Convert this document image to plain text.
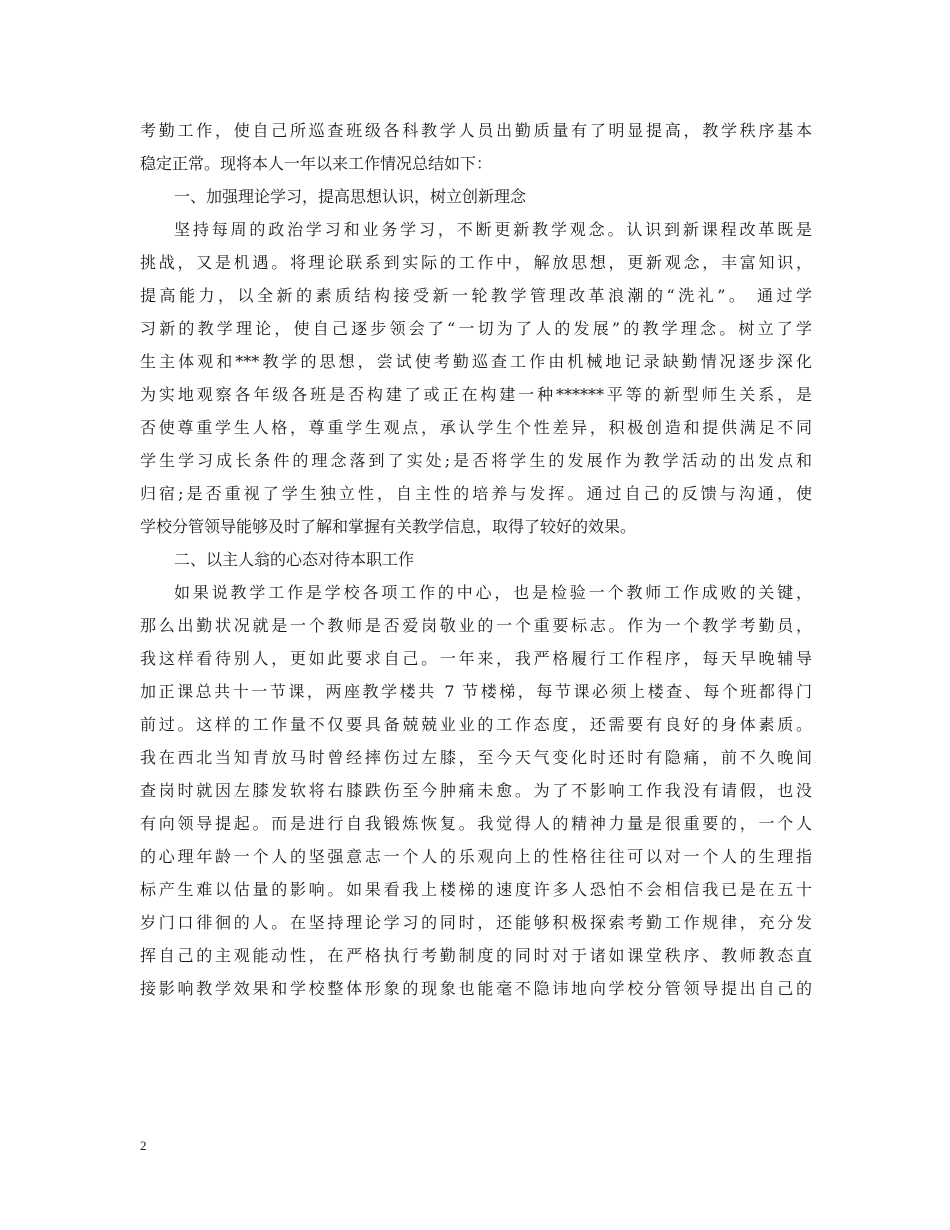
考勤工作，使自己所巡查班级各科教学人员出勤质量有了明显提高，教学秩序基本
稳定正常。现将本人一年以来工作情况总结如下：
一、加强理论学习，提高思想认识，树立创新理念
坚持每周的政治学习和业务学习，不断更新教学观念。认识到新课程改革既是
挑战，又是机遇。将理论联系到实际的工作中，解放思想，更新观念，丰富知识，
提高能力，以全新的素质结构接受新一轮教学管理改革浪潮的“洗礼”。 通过学
习新的教学理论，使自己逐步领会了“一切为了人的发展”的教学理念。树立了学
生主体观和***教学的思想，尝试使考勤巡查工作由机械地记录缺勤情况逐步深化
为实地观察各年级各班是否构建了或正在构建一种******平等的新型师生关系，是
否使尊重学生人格，尊重学生观点，承认学生个性差异，积极创造和提供满足不同
学生学习成长条件的理念落到了实处;是否将学生的发展作为教学活动的出发点和
归宿;是否重视了学生独立性，自主性的培养与发挥。通过自己的反馈与沟通，使
学校分管领导能够及时了解和掌握有关教学信息，取得了较好的效果。
二、以主人翁的心态对待本职工作
如果说教学工作是学校各项工作的中心，也是检验一个教师工作成败的关键，
那么出勤状况就是一个教师是否爱岗敬业的一个重要标志。作为一个教学考勤员，
我这样看待别人，更如此要求自己。一年来，我严格履行工作程序，每天早晚辅导
加正课总共十一节课，两座教学楼共 7 节楼梯，每节课必须上楼查、每个班都得门
前过。这样的工作量不仅要具备兢兢业业的工作态度，还需要有良好的身体素质。
我在西北当知青放马时曾经摔伤过左膝，至今天气变化时还时有隐痛，前不久晚间
查岗时就因左膝发软将右膝跌伤至今肿痛未愈。为了不影响工作我没有请假，也没
有向领导提起。而是进行自我锻炼恢复。我觉得人的精神力量是很重要的，一个人
的心理年龄一个人的坚强意志一个人的乐观向上的性格往往可以对一个人的生理指
标产生难以估量的影响。如果看我上楼梯的速度许多人恐怕不会相信我已是在五十
岁门口徘徊的人。在坚持理论学习的同时，还能够积极探索考勤工作规律，充分发
挥自己的主观能动性，在严格执行考勤制度的同时对于诸如课堂秩序、教师教态直
接影响教学效果和学校整体形象的现象也能毫不隐讳地向学校分管领导提出自己的
2
